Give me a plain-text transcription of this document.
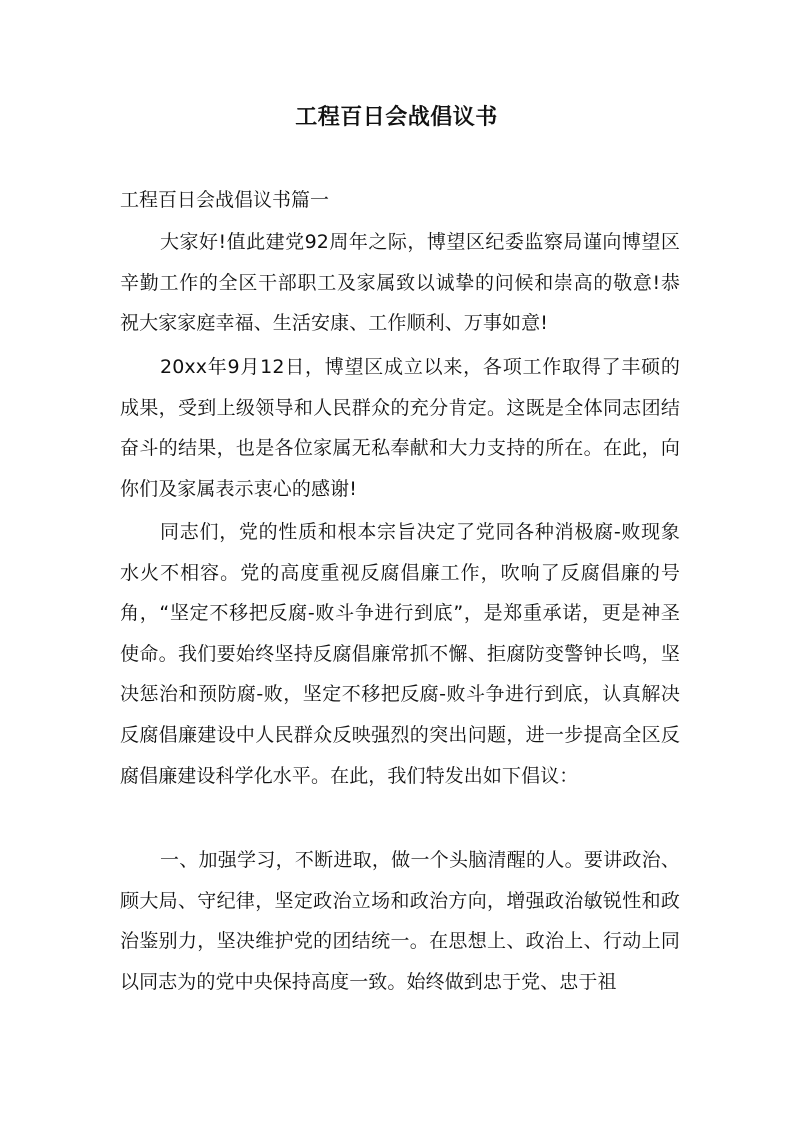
工程百日会战倡议书
工程百日会战倡议书篇一

大家好!值此建党92周年之际，博望区纪委监察局谨向博望区辛勤工作的全区干部职工及家属致以诚挚的问候和崇高的敬意!恭祝大家家庭幸福、生活安康、工作顺利、万事如意!

20xx年9月12日，博望区成立以来，各项工作取得了丰硕的成果，受到上级领导和人民群众的充分肯定。这既是全体同志团结奋斗的结果，也是各位家属无私奉献和大力支持的所在。在此，向你们及家属表示衷心的感谢!

同志们，党的性质和根本宗旨决定了党同各种消极腐-败现象水火不相容。党的高度重视反腐倡廉工作，吹响了反腐倡廉的号角，“坚定不移把反腐-败斗争进行到底”，是郑重承诺，更是神圣使命。我们要始终坚持反腐倡廉常抓不懈、拒腐防变警钟长鸣，坚决惩治和预防腐-败，坚定不移把反腐-败斗争进行到底，认真解决反腐倡廉建设中人民群众反映强烈的突出问题，进一步提高全区反腐倡廉建设科学化水平。在此，我们特发出如下倡议：

一、加强学习，不断进取，做一个头脑清醒的人。要讲政治、顾大局、守纪律，坚定政治立场和政治方向，增强政治敏锐性和政治鉴别力，坚决维护党的团结统一。在思想上、政治上、行动上同以同志为的党中央保持高度一致。始终做到忠于党、忠于祖
